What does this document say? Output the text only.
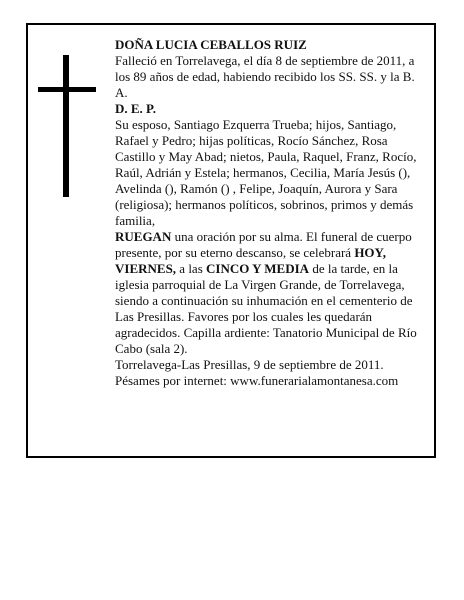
DOÑA LUCIA CEBALLOS RUIZ

Falleció en Torrelavega, el día 8 de septiembre de 2011, a los 89 años de edad, habiendo recibido los SS. SS. y la B. A.

D. E. P.

Su esposo, Santiago Ezquerra Trueba; hijos, Santiago, Rafael y Pedro; hijas políticas, Rocío Sánchez, Rosa Castillo y May Abad; nietos, Paula, Raquel, Franz, Rocío, Raúl, Adrián y Estela; hermanos, Cecilia, María Jesús (), Avelinda (), Ramón () , Felipe, Joaquín, Aurora y Sara (religiosa); hermanos políticos, sobrinos, primos y demás familia,

RUEGAN una oración por su alma. El funeral de cuerpo presente, por su eterno descanso, se celebrará HOY, VIERNES, a las CINCO Y MEDIA de la tarde, en la iglesia parroquial de La Virgen Grande, de Torrelavega, siendo a continuación su inhumación en el cementerio de Las Presillas. Favores por los cuales les quedarán agradecidos. Capilla ardiente: Tanatorio Municipal de Río Cabo (sala 2).

Torrelavega-Las Presillas, 9 de septiembre de 2011.

Pésames por internet: www.funerarialamontanesa.com
